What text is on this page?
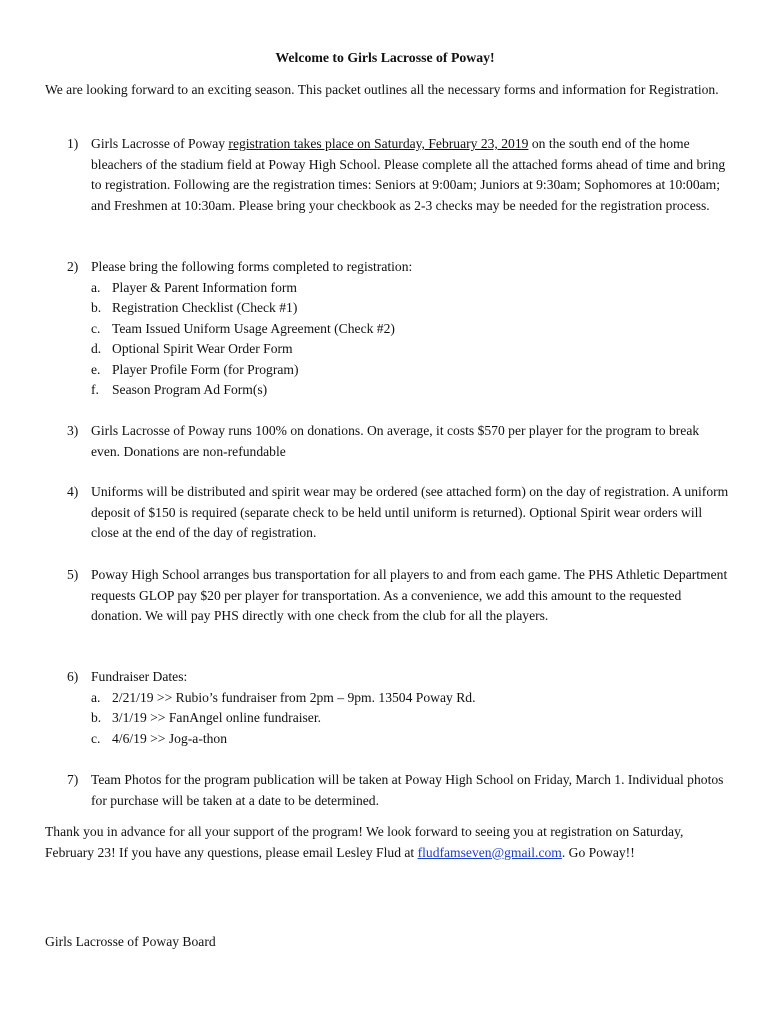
Welcome to Girls Lacrosse of Poway!
We are looking forward to an exciting season. This packet outlines all the necessary forms and information for Registration.
1) Girls Lacrosse of Poway registration takes place on Saturday, February 23, 2019 on the south end of the home bleachers of the stadium field at Poway High School. Please complete all the attached forms ahead of time and bring to registration. Following are the registration times: Seniors at 9:00am; Juniors at 9:30am; Sophomores at 10:00am; and Freshmen at 10:30am. Please bring your checkbook as 2-3 checks may be needed for the registration process.
2) Please bring the following forms completed to registration:
a. Player & Parent Information form
b. Registration Checklist (Check #1)
c. Team Issued Uniform Usage Agreement (Check #2)
d. Optional Spirit Wear Order Form
e. Player Profile Form (for Program)
f. Season Program Ad Form(s)
3) Girls Lacrosse of Poway runs 100% on donations. On average, it costs $570 per player for the program to break even. Donations are non-refundable
4) Uniforms will be distributed and spirit wear may be ordered (see attached form) on the day of registration. A uniform deposit of $150 is required (separate check to be held until uniform is returned). Optional Spirit wear orders will close at the end of the day of registration.
5) Poway High School arranges bus transportation for all players to and from each game. The PHS Athletic Department requests GLOP pay $20 per player for transportation. As a convenience, we add this amount to the requested donation. We will pay PHS directly with one check from the club for all the players.
6) Fundraiser Dates:
a. 2/21/19 >> Rubio’s fundraiser from 2pm – 9pm. 13504 Poway Rd.
b. 3/1/19 >> FanAngel online fundraiser.
c. 4/6/19 >> Jog-a-thon
7) Team Photos for the program publication will be taken at Poway High School on Friday, March 1. Individual photos for purchase will be taken at a date to be determined.
Thank you in advance for all your support of the program! We look forward to seeing you at registration on Saturday, February 23! If you have any questions, please email Lesley Flud at fludfamseven@gmail.com. Go Poway!!
Girls Lacrosse of Poway Board
